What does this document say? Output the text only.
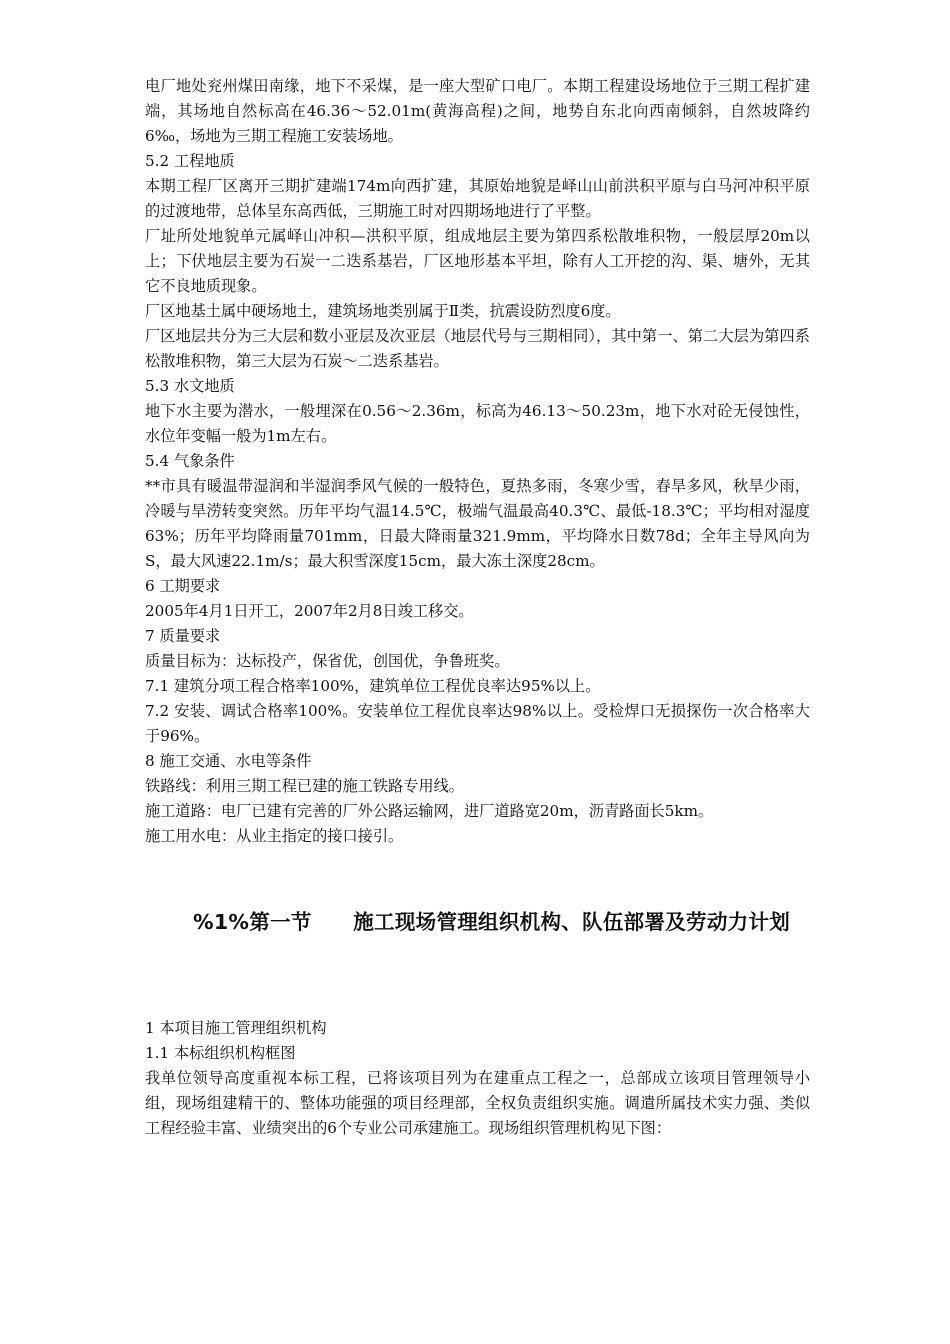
电厂地处兖州煤田南缘，地下不采煤，是一座大型矿口电厂。本期工程建设场地位于三期工程扩建端，其场地自然标高在46.36～52.01m(黄海高程)之间，地势自东北向西南倾斜，自然坡降约6‰，场地为三期工程施工安装场地。

5.2 工程地质

本期工程厂区离开三期扩建端174m向西扩建，其原始地貌是峄山山前洪积平原与白马河冲积平原的过渡地带，总体呈东高西低，三期施工时对四期场地进行了平整。

厂址所处地貌单元属峄山冲积—洪积平原，组成地层主要为第四系松散堆积物，一般层厚20m以上；下伏地层主要为石炭一二迭系基岩，厂区地形基本平坦，除有人工开挖的沟、渠、塘外，无其它不良地质现象。

厂区地基土属中硬场地土，建筑场地类别属于Ⅱ类，抗震设防烈度6度。

厂区地层共分为三大层和数小亚层及次亚层（地层代号与三期相同），其中第一、第二大层为第四系松散堆积物，第三大层为石炭～二迭系基岩。

5.3 水文地质

地下水主要为潜水，一般埋深在0.56～2.36m，标高为46.13～50.23m，地下水对砼无侵蚀性，水位年变幅一般为1m左右。

5.4 气象条件

**市具有暖温带湿润和半湿润季风气候的一般特色，夏热多雨，冬寒少雪，春旱多风，秋旱少雨，冷暖与旱涝转变突然。历年平均气温14.5℃，极端气温最高40.3℃、最低-18.3℃；平均相对湿度63%；历年平均降雨量701mm，日最大降雨量321.9mm，平均降水日数78d；全年主导风向为S，最大风速22.1m/s；最大积雪深度15cm，最大冻土深度28cm。

6 工期要求

2005年4月1日开工，2007年2月8日竣工移交。

7 质量要求

质量目标为：达标投产，保省优，创国优，争鲁班奖。

7.1 建筑分项工程合格率100%，建筑单位工程优良率达95%以上。

7.2 安装、调试合格率100%。安装单位工程优良率达98%以上。受检焊口无损探伤一次合格率大于96%。

8 施工交通、水电等条件

铁路线：利用三期工程已建的施工铁路专用线。

施工道路：电厂已建有完善的厂外公路运输网，进厂道路宽20m，沥青路面长5km。

施工用水电：从业主指定的接口接引。

%1%第一节　　施工现场管理组织机构、队伍部署及劳动力计划

1 本项目施工管理组织机构

1.1 本标组织机构框图

我单位领导高度重视本标工程，已将该项目列为在建重点工程之一，总部成立该项目管理领导小组，现场组建精干的、整体功能强的项目经理部，全权负责组织实施。调遣所属技术实力强、类似工程经验丰富、业绩突出的6个专业公司承建施工。现场组织管理机构见下图：
